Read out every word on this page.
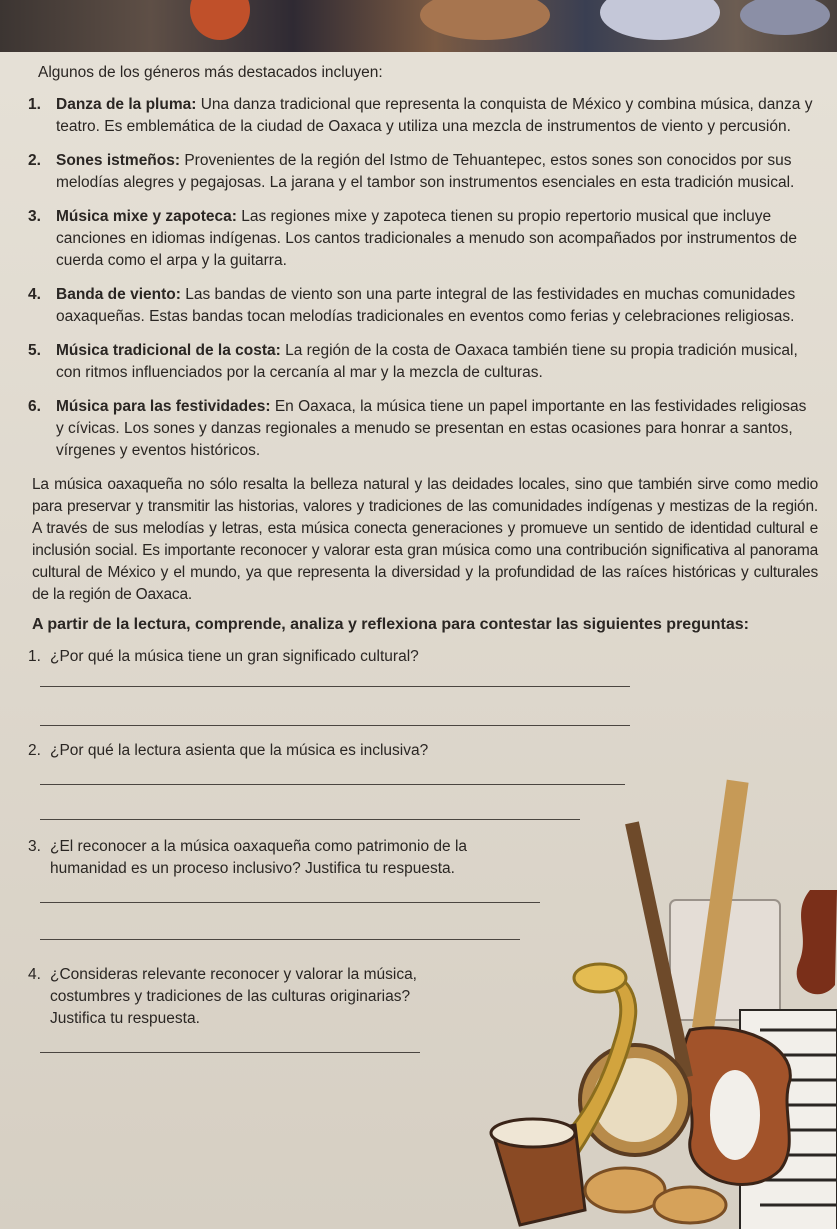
Algunos de los géneros más destacados incluyen:

1. Danza de la pluma: Una danza tradicional que representa la conquista de México y combina música, danza y teatro. Es emblemática de la ciudad de Oaxaca y utiliza una mezcla de instrumentos de viento y percusión.
2. Sones istmeños: Provenientes de la región del Istmo de Tehuantepec, estos sones son conocidos por sus melodías alegres y pegajosas. La jarana y el tambor son instrumentos esenciales en esta tradición musical.
3. Música mixe y zapoteca: Las regiones mixe y zapoteca tienen su propio repertorio musical que incluye canciones en idiomas indígenas. Los cantos tradicionales a menudo son acompañados por instrumentos de cuerda como el arpa y la guitarra.
4. Banda de viento: Las bandas de viento son una parte integral de las festividades en muchas comunidades oaxaqueñas. Estas bandas tocan melodías tradicionales en eventos como ferias y celebraciones religiosas.
5. Música tradicional de la costa: La región de la costa de Oaxaca también tiene su propia tradición musical, con ritmos influenciados por la cercanía al mar y la mezcla de culturas.
6. Música para las festividades: En Oaxaca, la música tiene un papel importante en las festividades religiosas y cívicas. Los sones y danzas regionales a menudo se presentan en estas ocasiones para honrar a santos, vírgenes y eventos históricos.

La música oaxaqueña no sólo resalta la belleza natural y las deidades locales, sino que también sirve como medio para preservar y transmitir las historias, valores y tradiciones de las comunidades indígenas y mestizas de la región. A través de sus melodías y letras, esta música conecta generaciones y promueve un sentido de identidad cultural e inclusión social. Es importante reconocer y valorar esta gran música como una contribución significativa al panorama cultural de México y el mundo, ya que representa la diversidad y la profundidad de las raíces históricas y culturales de la región de Oaxaca.

A partir de la lectura, comprende, analiza y reflexiona para contestar las siguientes preguntas:

1. ¿Por qué la música tiene un gran significado cultural?
2. ¿Por qué la lectura asienta que la música es inclusiva?
3. ¿El reconocer a la música oaxaqueña como patrimonio de la humanidad es un proceso inclusivo? Justifica tu respuesta.
4. ¿Consideras relevante reconocer y valorar la música, costumbres y tradiciones de las culturas originarias? Justifica tu respuesta.
